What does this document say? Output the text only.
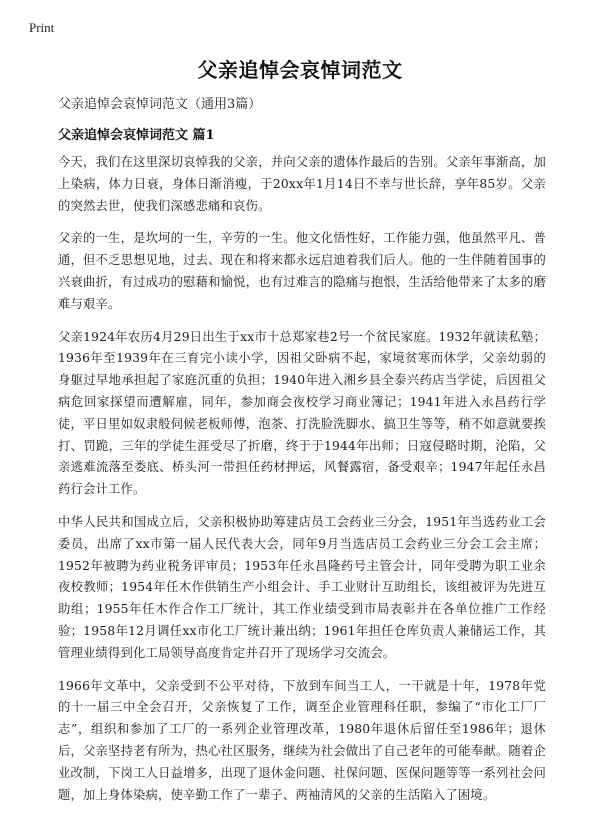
Print
父亲追悼会哀悼词范文
父亲追悼会哀悼词范文（通用3篇）
父亲追悼会哀悼词范文 篇1

今天，我们在这里深切哀悼我的父亲，并向父亲的遗体作最后的告别。父亲年事渐高，加上染病，体力日衰，身体日渐消瘦，于20xx年1月14日不幸与世长辞，享年85岁。父亲的突然去世，使我们深感悲痛和哀伤。

父亲的一生，是坎坷的一生，辛劳的一生。他文化悟性好，工作能力强，他虽然平凡、普通，但不乏思想见地，过去、现在和将来都永远启迪着我们后人。他的一生伴随着国事的兴衰曲折，有过成功的慰藉和愉悦，也有过难言的隐痛与抱恨，生活给他带来了太多的磨难与艰辛。

父亲1924年农历4月29日出生于xx市十总郑家巷2号一个贫民家庭。1932年就读私塾；1936年至1939年在三育完小读小学，因祖父卧病不起，家境贫寒而休学，父亲幼弱的身躯过早地承担起了家庭沉重的负担；1940年进入湘乡县全泰兴药店当学徒，后因祖父病危回家探望而遭解雇，同年，参加商会夜校学习商业簿记；1941年进入永昌药行学徒，平日里如奴隶般伺候老板师傅，泡茶、打洗脸洗脚水、搞卫生等等，稍不如意就要挨打、罚跪，三年的学徒生涯受尽了折磨，终于于1944年出师；日寇侵略时期，沦陷，父亲逃难流落至娄底、桥头河一带担任药材押运，风餐露宿，备受艰辛；1947年起任永昌药行会计工作。

中华人民共和国成立后，父亲积极协助筹建店员工会药业三分会，1951年当选药业工会委员，出席了xx市第一届人民代表大会，同年9月当选店员工会药业三分会工会主席；1952年被聘为药业税务评审员；1953年任永昌隆药号主管会计，同年受聘为职工业余夜校教师；1954年任木作供销生产小组会计、手工业财计互助组长，该组被评为先进互助组；1955年任木作合作工厂统计，其工作业绩受到市局表彰并在各单位推广工作经验；1958年12月调任xx市化工厂统计兼出纳；1961年担任仓库负责人兼储运工作，其管理业绩得到化工局领导高度肯定并召开了现场学习交流会。

1966年文革中，父亲受到不公平对待，下放到车间当工人，一干就是十年，1978年党的十一届三中全会召开，父亲恢复了工作，调至企业管理科任职，参编了“市化工厂厂志”，组织和参加了工厂的一系列企业管理改革，1980年退休后留任至1986年；退休后，父亲坚持老有所为，热心社区服务，继续为社会做出了自己老年的可能奉献。随着企业改制，下岗工人日益增多，出现了退休金问题、社保问题、医保问题等等一系列社会问题，加上身体染病，使辛勤工作了一辈子、两袖清风的父亲的生活陷入了困境。
